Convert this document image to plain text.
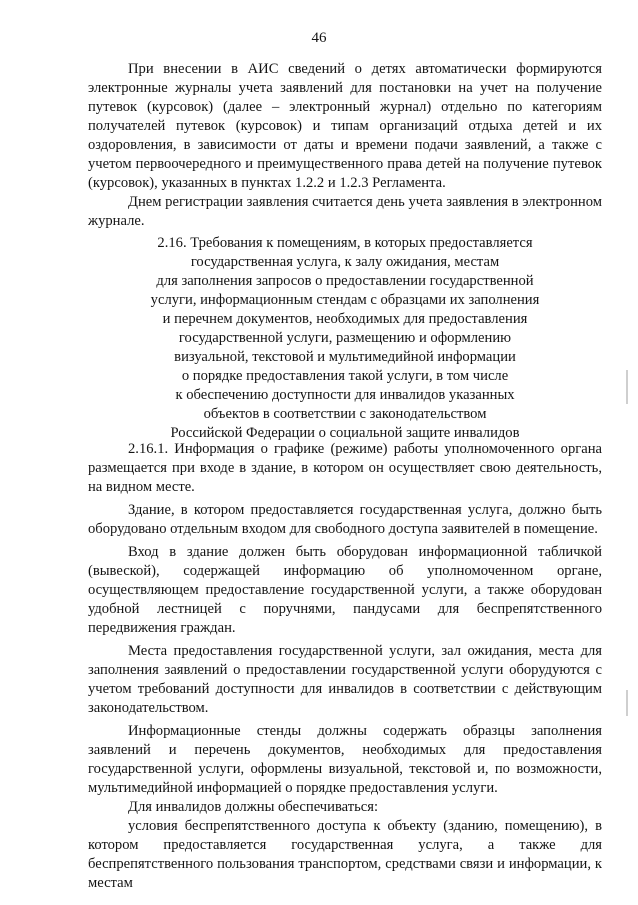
46

При внесении в АИС сведений о детях автоматически формируются электронные журналы учета заявлений для постановки на учет на получение путевок (курсовок) (далее – электронный журнал) отдельно по категориям получателей путевок (курсовок) и типам организаций отдыха детей и их оздоровления, в зависимости от даты и времени подачи заявлений, а также с учетом первоочередного и преимущественного права детей на получение путевок (курсовок), указанных в пунктах 1.2.2 и 1.2.3 Регламента.

Днем регистрации заявления считается день учета заявления в электронном журнале.

2.16. Требования к помещениям, в которых предоставляется
государственная услуга, к залу ожидания, местам
для заполнения запросов о предоставлении государственной
услуги, информационным стендам с образцами их заполнения
и перечнем документов, необходимых для предоставления
государственной услуги, размещению и оформлению
визуальной, текстовой и мультимедийной информации
о порядке предоставления такой услуги, в том числе
к обеспечению доступности для инвалидов указанных
объектов в соответствии с законодательством
Российской Федерации о социальной защите инвалидов

2.16.1. Информация о графике (режиме) работы уполномоченного органа размещается при входе в здание, в котором он осуществляет свою деятельность, на видном месте.

Здание, в котором предоставляется государственная услуга, должно быть оборудовано отдельным входом для свободного доступа заявителей в помещение.

Вход в здание должен быть оборудован информационной табличкой (вывеской), содержащей информацию об уполномоченном органе, осуществляющем предоставление государственной услуги, а также оборудован удобной лестницей с поручнями, пандусами для беспрепятственного передвижения граждан.

Места предоставления государственной услуги, зал ожидания, места для заполнения заявлений о предоставлении государственной услуги оборудуются с учетом требований доступности для инвалидов в соответствии с действующим законодательством.

Информационные стенды должны содержать образцы заполнения заявлений и перечень документов, необходимых для предоставления государственной услуги, оформлены визуальной, текстовой и, по возможности, мультимедийной информацией о порядке предоставления услуги.

Для инвалидов должны обеспечиваться:

условия беспрепятственного доступа к объекту (зданию, помещению), в котором предоставляется государственная услуга, а также для беспрепятственного пользования транспортом, средствами связи и информации, к местам
